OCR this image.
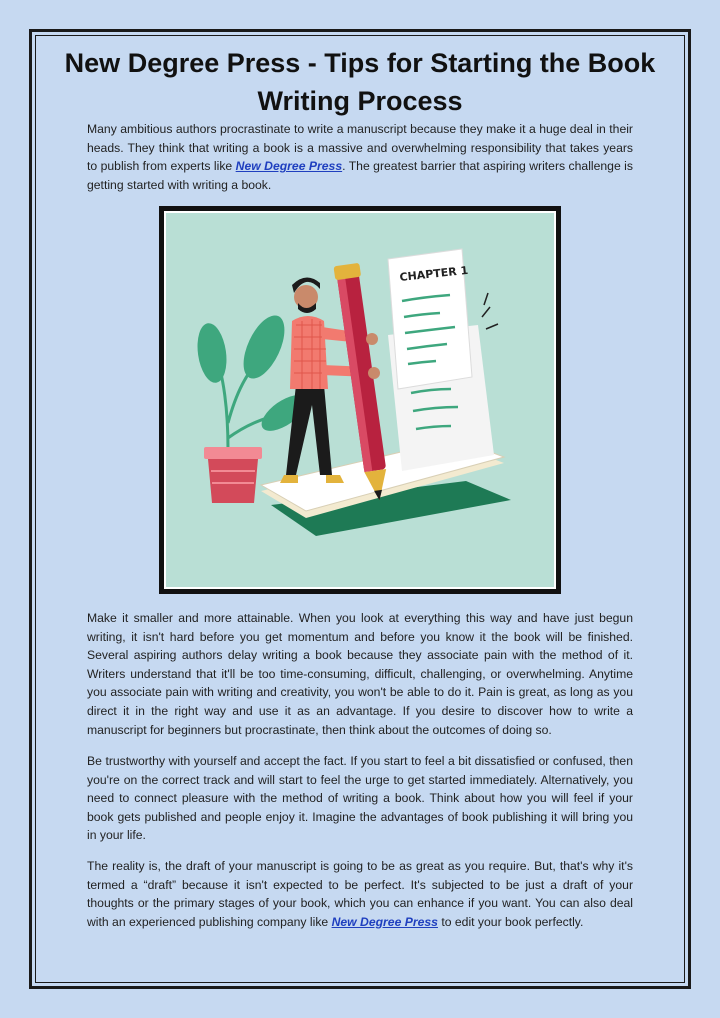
New Degree Press - Tips for Starting the Book Writing Process

Many ambitious authors procrastinate to write a manuscript because they make it a huge deal in their heads. They think that writing a book is a massive and overwhelming responsibility that takes years to publish from experts like New Degree Press. The greatest barrier that aspiring writers challenge is getting started with writing a book.

CHAPTER 1

Make it smaller and more attainable. When you look at everything this way and have just begun writing, it isn't hard before you get momentum and before you know it the book will be finished. Several aspiring authors delay writing a book because they associate pain with the method of it. Writers understand that it'll be too time-consuming, difficult, challenging, or overwhelming. Anytime you associate pain with writing and creativity, you won't be able to do it. Pain is great, as long as you direct it in the right way and use it as an advantage. If you desire to discover how to write a manuscript for beginners but procrastinate, then think about the outcomes of doing so.

Be trustworthy with yourself and accept the fact. If you start to feel a bit dissatisfied or confused, then you're on the correct track and will start to feel the urge to get started immediately. Alternatively, you need to connect pleasure with the method of writing a book. Think about how you will feel if your book gets published and people enjoy it. Imagine the advantages of book publishing it will bring you in your life.

The reality is, the draft of your manuscript is going to be as great as you require. But, that's why it's termed a “draft” because it isn't expected to be perfect. It's subjected to be just a draft of your thoughts or the primary stages of your book, which you can enhance if you want. You can also deal with an experienced publishing company like New Degree Press to edit your book perfectly.
